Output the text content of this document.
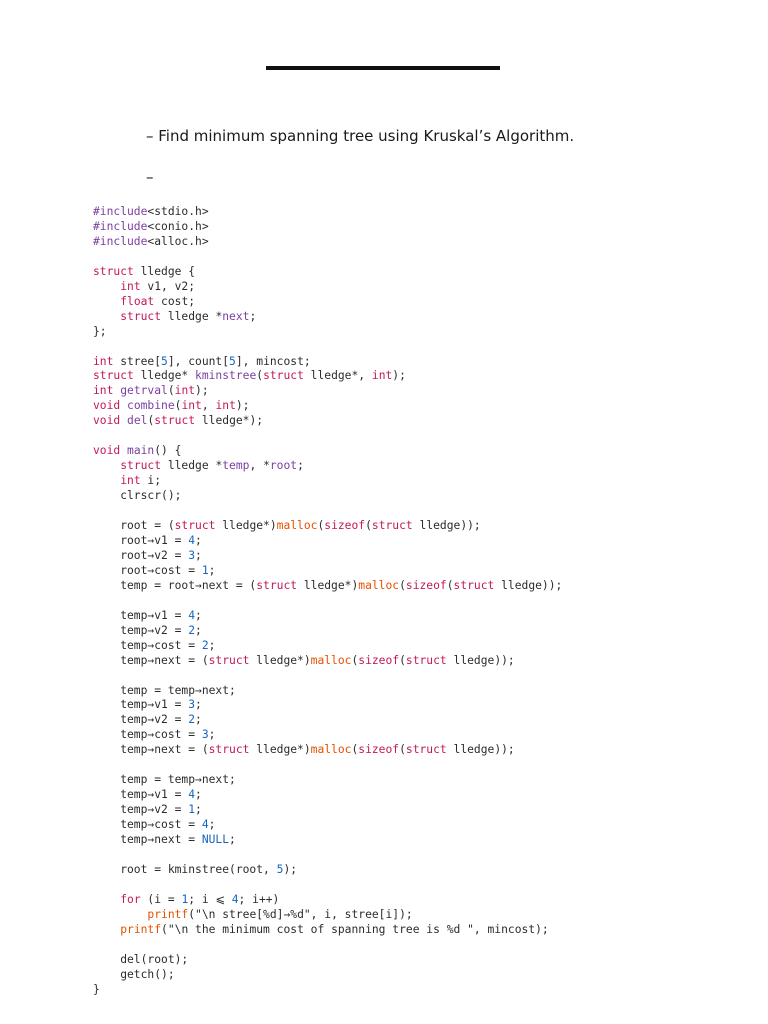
– Find minimum spanning tree using Kruskal’s Algorithm.
–
#include<stdio.h>
#include<conio.h>
#include<alloc.h>

struct lledge {
int v1, v2;
float cost;
struct lledge *next;
};

int stree[5], count[5], mincost;
struct lledge* kminstree(struct lledge*, int);
int getrval(int);
void combine(int, int);
void del(struct lledge*);

void main() {
struct lledge *temp, *root;
int i;
clrscr();

root = (struct lledge*)malloc(sizeof(struct lledge));
root→v1 = 4;
root→v2 = 3;
root→cost = 1;
temp = root→next = (struct lledge*)malloc(sizeof(struct lledge));

temp→v1 = 4;
temp→v2 = 2;
temp→cost = 2;
temp→next = (struct lledge*)malloc(sizeof(struct lledge));

temp = temp→next;
temp→v1 = 3;
temp→v2 = 2;
temp→cost = 3;
temp→next = (struct lledge*)malloc(sizeof(struct lledge));

temp = temp→next;
temp→v1 = 4;
temp→v2 = 1;
temp→cost = 4;
temp→next = NULL;

root = kminstree(root, 5);

for (i = 1; i ⩽ 4; i++)
printf("\n stree[%d]→%d", i, stree[i]);
printf("\n the minimum cost of spanning tree is %d ", mincost);

del(root);
getch();
}
